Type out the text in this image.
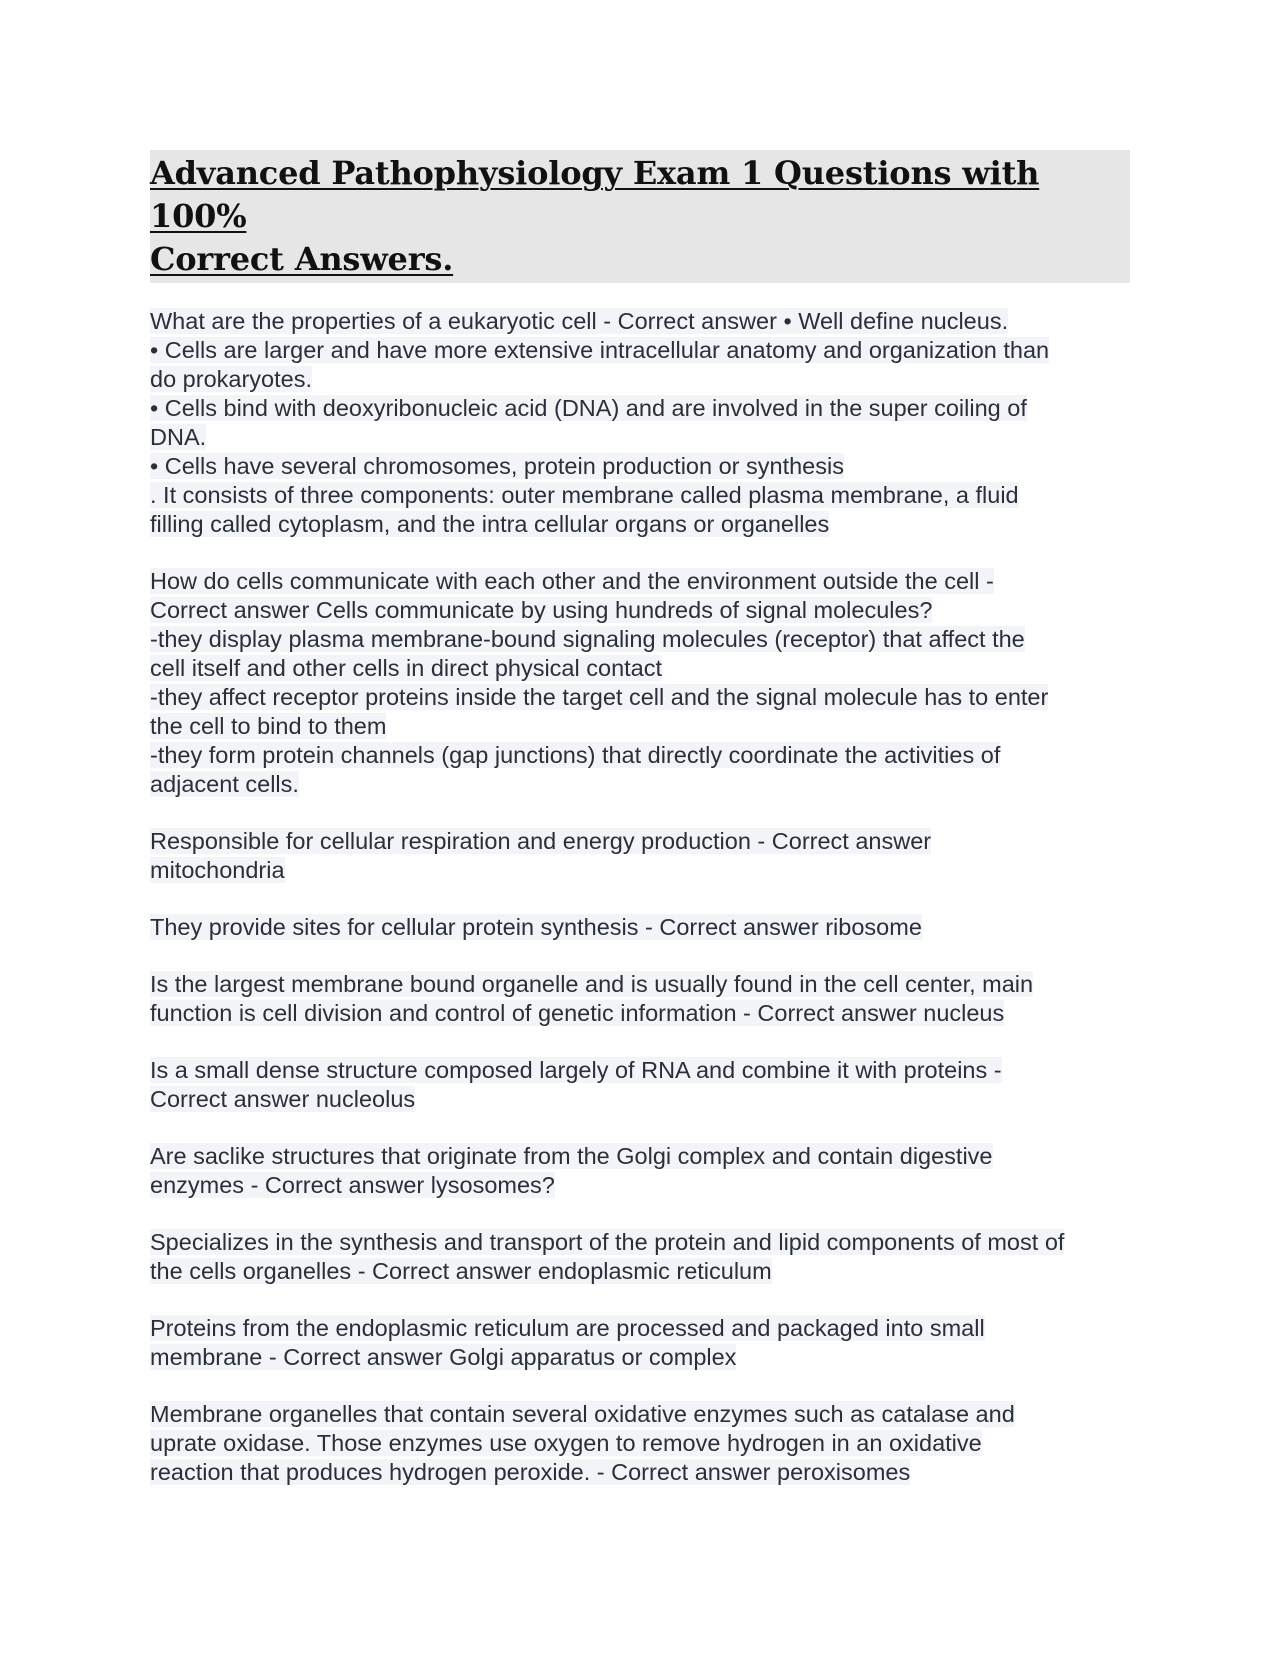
Advanced Pathophysiology Exam 1 Questions with 100%
Correct Answers.
What are the properties of a eukaryotic cell - Correct answer • Well define nucleus.
• Cells are larger and have more extensive intracellular anatomy and organization than
do prokaryotes.
• Cells bind with deoxyribonucleic acid (DNA) and are involved in the super coiling of
DNA.
• Cells have several chromosomes, protein production or synthesis
. It consists of three components: outer membrane called plasma membrane, a fluid
filling called cytoplasm, and the intra cellular organs or organelles
How do cells communicate with each other and the environment outside the cell -
Correct answer Cells communicate by using hundreds of signal molecules?
-they display plasma membrane-bound signaling molecules (receptor) that affect the
cell itself and other cells in direct physical contact
-they affect receptor proteins inside the target cell and the signal molecule has to enter
the cell to bind to them
-they form protein channels (gap junctions) that directly coordinate the activities of
adjacent cells.
Responsible for cellular respiration and energy production - Correct answer
mitochondria
They provide sites for cellular protein synthesis - Correct answer ribosome
Is the largest membrane bound organelle and is usually found in the cell center, main
function is cell division and control of genetic information - Correct answer nucleus
Is a small dense structure composed largely of RNA and combine it with proteins -
Correct answer nucleolus
Are saclike structures that originate from the Golgi complex and contain digestive
enzymes - Correct answer lysosomes?
Specializes in the synthesis and transport of the protein and lipid components of most of
the cells organelles - Correct answer endoplasmic reticulum
Proteins from the endoplasmic reticulum are processed and packaged into small
membrane - Correct answer Golgi apparatus or complex
Membrane organelles that contain several oxidative enzymes such as catalase and
uprate oxidase. Those enzymes use oxygen to remove hydrogen in an oxidative
reaction that produces hydrogen peroxide. - Correct answer peroxisomes
